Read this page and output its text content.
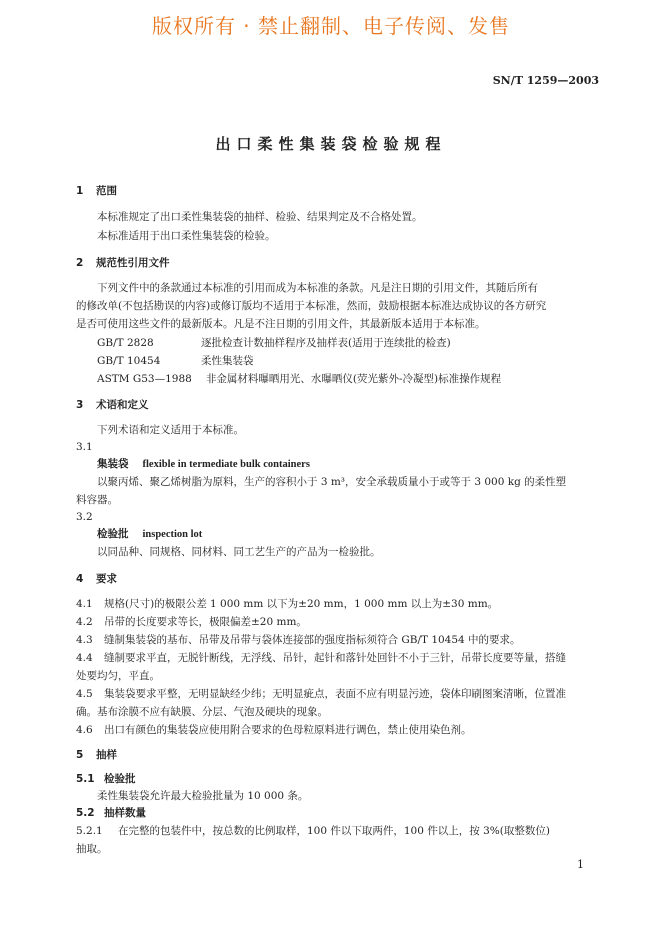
版权所有 · 禁止翻制、电子传阅、发售
SN/T 1259—2003
出口柔性集装袋检验规程
1 范围
本标准规定了出口柔性集装袋的抽样、检验、结果判定及不合格处置。
本标准适用于出口柔性集装袋的检验。
2 规范性引用文件
下列文件中的条款通过本标准的引用而成为本标准的条款。凡是注日期的引用文件，其随后所有
的修改单(不包括勘误的内容)或修订版均不适用于本标准，然而，鼓励根据本标准达成协议的各方研究
是否可使用这些文件的最新版本。凡是不注日期的引用文件，其最新版本适用于本标准。
GB/T 2828	逐批检查计数抽样程序及抽样表(适用于连续批的检查)
GB/T 10454	柔性集装袋
ASTM G53—1988 非金属材料曝晒用光、水曝晒仪(荧光紫外-冷凝型)标准操作规程
3 术语和定义
下列术语和定义适用于本标准。
3.1
集装袋 flexible in termediate bulk containers
以聚丙烯、聚乙烯树脂为原料，生产的容积小于 3 m³，安全承载质量小于或等于 3 000 kg 的柔性塑
料容器。
3.2
检验批 inspection lot
以同品种、同规格、同材料、同工艺生产的产品为一检验批。
4 要求
4.1 规格(尺寸)的极限公差 1 000 mm 以下为±20 mm，1 000 mm 以上为±30 mm。
4.2 吊带的长度要求等长，极限偏差±20 mm。
4.3 缝制集装袋的基布、吊带及吊带与袋体连接部的强度指标须符合 GB/T 10454 中的要求。
4.4 缝制要求平直，无脱针断线，无浮线、吊针，起针和落针处回针不小于三针，吊带长度要等量，搭缝
处要均匀，平直。
4.5 集装袋要求平整，无明显缺经少纬；无明显疵点，表面不应有明显污迹，袋体印刷图案清晰，位置准
确。基布涂膜不应有缺膜、分层、气泡及硬块的现象。
4.6 出口有颜色的集装袋应使用附合要求的色母粒原料进行调色，禁止使用染色剂。
5 抽样
5.1 检验批
柔性集装袋允许最大检验批量为 10 000 条。
5.2 抽样数量
5.2.1 在完整的包装件中，按总数的比例取样，100 件以下取两件，100 件以上，按 3%(取整数位)
抽取。
1
